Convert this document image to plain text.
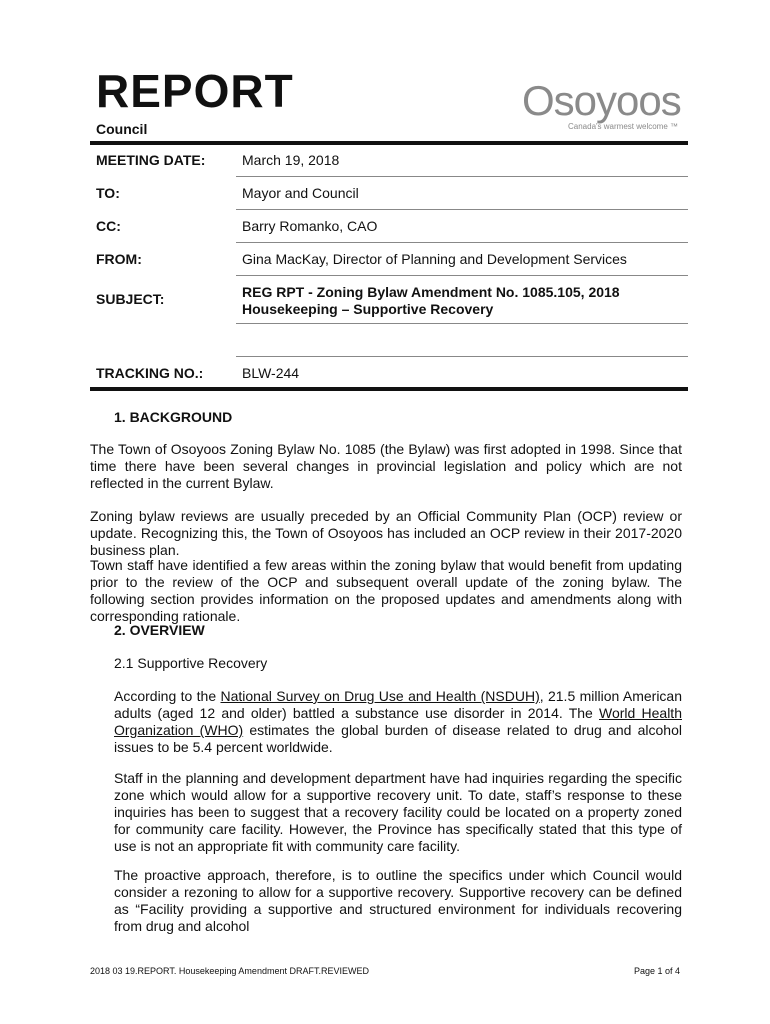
REPORT
Council
Osoyoos
Canada's warmest welcome ™
MEETING DATE:	March 19, 2018
TO:	Mayor and Council
CC:	Barry Romanko, CAO
FROM:	Gina MacKay, Director of Planning and Development Services
SUBJECT:	REG RPT - Zoning Bylaw Amendment No. 1085.105, 2018
Housekeeping – Supportive Recovery
TRACKING NO.:	BLW-244
1. BACKGROUND

The Town of Osoyoos Zoning Bylaw No. 1085 (the Bylaw) was first adopted in 1998. Since that time there have been several changes in provincial legislation and policy which are not reflected in the current Bylaw.

Zoning bylaw reviews are usually preceded by an Official Community Plan (OCP) review or update. Recognizing this, the Town of Osoyoos has included an OCP review in their 2017-2020 business plan.

Town staff have identified a few areas within the zoning bylaw that would benefit from updating prior to the review of the OCP and subsequent overall update of the zoning bylaw. The following section provides information on the proposed updates and amendments along with corresponding rationale.

2. OVERVIEW
2.1 Supportive Recovery

According to the National Survey on Drug Use and Health (NSDUH), 21.5 million American adults (aged 12 and older) battled a substance use disorder in 2014. The World Health Organization (WHO) estimates the global burden of disease related to drug and alcohol issues to be 5.4 percent worldwide.

Staff in the planning and development department have had inquiries regarding the specific zone which would allow for a supportive recovery unit. To date, staff’s response to these inquiries has been to suggest that a recovery facility could be located on a property zoned for community care facility. However, the Province has specifically stated that this type of use is not an appropriate fit with community care facility.

The proactive approach, therefore, is to outline the specifics under which Council would consider a rezoning to allow for a supportive recovery. Supportive recovery can be defined as “Facility providing a supportive and structured environment for individuals recovering from drug and alcohol

2018 03 19.REPORT. Housekeeping Amendment DRAFT.REVIEWED	Page 1 of 4
